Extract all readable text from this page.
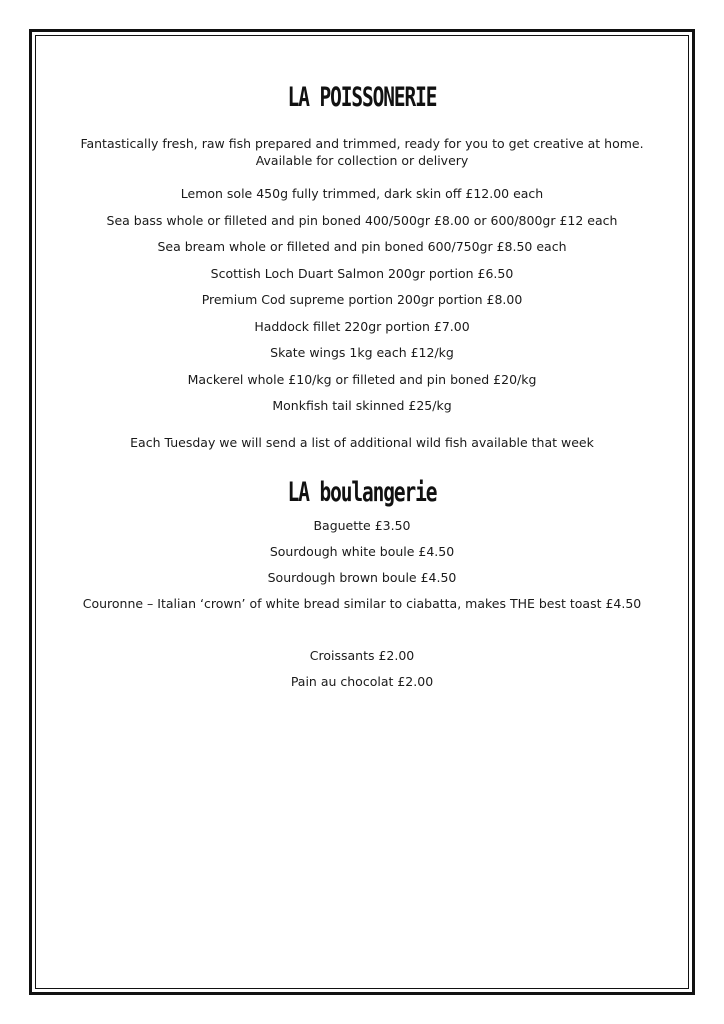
LA POISSONERIE

Fantastically fresh, raw fish prepared and trimmed, ready for you to get creative at home.
Available for collection or delivery

Lemon sole 450g fully trimmed, dark skin off £12.00 each
Sea bass whole or filleted and pin boned 400/500gr £8.00 or 600/800gr £12 each
Sea bream whole or filleted and pin boned 600/750gr £8.50 each
Scottish Loch Duart Salmon 200gr portion £6.50
Premium Cod supreme portion 200gr portion £8.00
Haddock fillet 220gr portion £7.00
Skate wings 1kg each £12/kg
Mackerel whole £10/kg or filleted and pin boned £20/kg
Monkfish tail skinned £25/kg

Each Tuesday we will send a list of additional wild fish available that week

LA boulangerie
Baguette £3.50
Sourdough white boule £4.50
Sourdough brown boule £4.50
Couronne – Italian ‘crown’ of white bread similar to ciabatta, makes THE best toast £4.50
Croissants £2.00
Pain au chocolat £2.00
